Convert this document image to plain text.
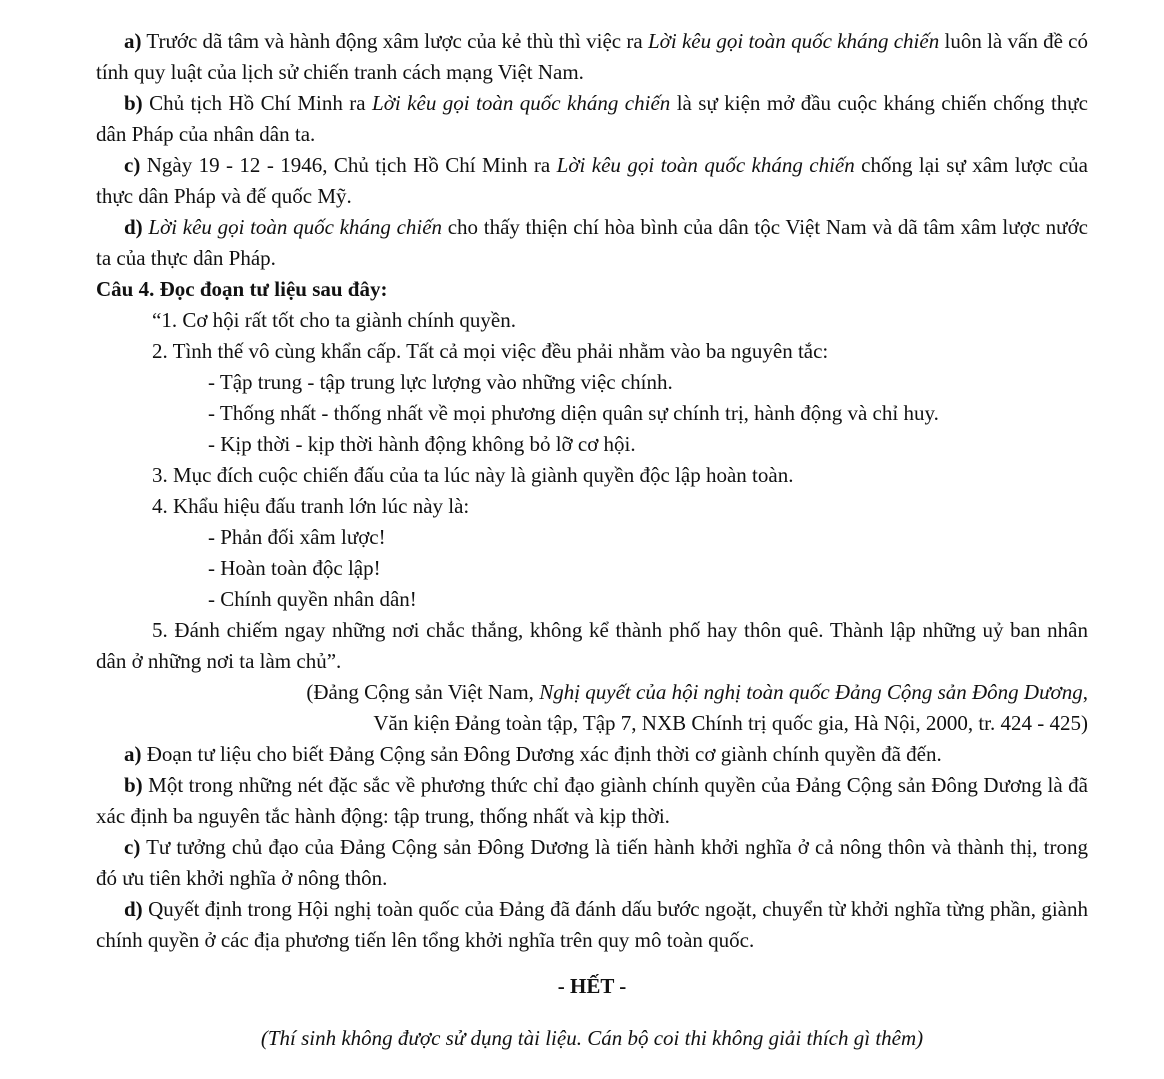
a) Trước dã tâm và hành động xâm lược của kẻ thù thì việc ra Lời kêu gọi toàn quốc kháng chiến luôn là vấn đề có tính quy luật của lịch sử chiến tranh cách mạng Việt Nam.

b) Chủ tịch Hồ Chí Minh ra Lời kêu gọi toàn quốc kháng chiến là sự kiện mở đầu cuộc kháng chiến chống thực dân Pháp của nhân dân ta.

c) Ngày 19 - 12 - 1946, Chủ tịch Hồ Chí Minh ra Lời kêu gọi toàn quốc kháng chiến chống lại sự xâm lược của thực dân Pháp và đế quốc Mỹ.

d) Lời kêu gọi toàn quốc kháng chiến cho thấy thiện chí hòa bình của dân tộc Việt Nam và dã tâm xâm lược nước ta của thực dân Pháp.

Câu 4. Đọc đoạn tư liệu sau đây:

“1. Cơ hội rất tốt cho ta giành chính quyền.

2. Tình thế vô cùng khẩn cấp. Tất cả mọi việc đều phải nhằm vào ba nguyên tắc:

- Tập trung - tập trung lực lượng vào những việc chính.

- Thống nhất - thống nhất về mọi phương diện quân sự chính trị, hành động và chỉ huy.

- Kịp thời - kịp thời hành động không bỏ lỡ cơ hội.

3. Mục đích cuộc chiến đấu của ta lúc này là giành quyền độc lập hoàn toàn.

4. Khẩu hiệu đấu tranh lớn lúc này là:

- Phản đối xâm lược!

- Hoàn toàn độc lập!

- Chính quyền nhân dân!

5. Đánh chiếm ngay những nơi chắc thắng, không kể thành phố hay thôn quê. Thành lập những uỷ ban nhân dân ở những nơi ta làm chủ”.

(Đảng Cộng sản Việt Nam, Nghị quyết của hội nghị toàn quốc Đảng Cộng sản Đông Dương,

Văn kiện Đảng toàn tập, Tập 7, NXB Chính trị quốc gia, Hà Nội, 2000, tr. 424 - 425)

a) Đoạn tư liệu cho biết Đảng Cộng sản Đông Dương xác định thời cơ giành chính quyền đã đến.

b) Một trong những nét đặc sắc về phương thức chỉ đạo giành chính quyền của Đảng Cộng sản Đông Dương là đã xác định ba nguyên tắc hành động: tập trung, thống nhất và kịp thời.

c) Tư tưởng chủ đạo của Đảng Cộng sản Đông Dương là tiến hành khởi nghĩa ở cả nông thôn và thành thị, trong đó ưu tiên khởi nghĩa ở nông thôn.

d) Quyết định trong Hội nghị toàn quốc của Đảng đã đánh dấu bước ngoặt, chuyển từ khởi nghĩa từng phần, giành chính quyền ở các địa phương tiến lên tổng khởi nghĩa trên quy mô toàn quốc.

- HẾT -

(Thí sinh không được sử dụng tài liệu. Cán bộ coi thi không giải thích gì thêm)
